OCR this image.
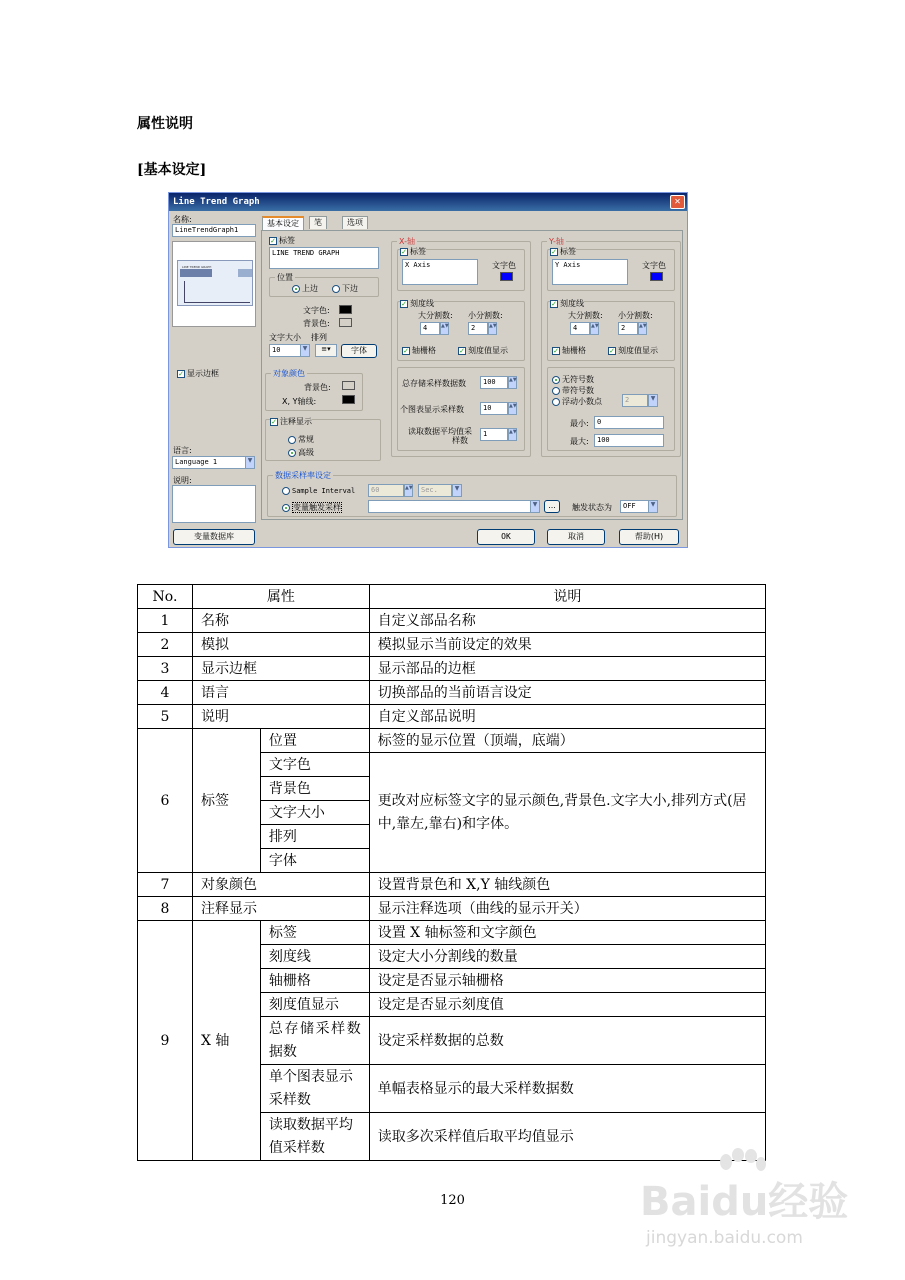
属性说明
[基本设定]
Line Trend Graph	✕
名称:
LineTrendGraph1
LINE TREND GRAPH
✓ 显示边框
语言:
Language 1	▼
说明:
变量数据库
基本设定	笔	选项
✓ 标签
LINE TREND GRAPH
位置
上边	下边
文字色:
背景色:
文字大小 排列
10	▼	≡▾	字体
对象颜色
背景色:
X, Y轴线:
✓ 注释显示
常规
高级
X-轴
✓ 标签
X Axis	文字色
✓ 刻度线
大分割数: 小分割数:
4	▲▼	2	▲▼
✓ 轴栅格	✓ 刻度值显示
总存储采样数据数	100	▲▼
个图表显示采样数	10	▲▼
读取数据平均值采
样数
1	▲▼
Y-轴
✓ 标签
Y Axis	文字色
✓ 刻度线
大分割数: 小分割数:
4	▲▼	2	▲▼
✓ 轴栅格	✓ 刻度值显示
无符号数
带符号数
浮动小数点	2	▼
最小:	0
最大:	100
数据采样率设定
Sample Interval	60	▲▼	Sec.	▼
变量触发采样	▼	...	触发状态为	OFF	▼
OK	取消	帮助(H)
No.	属性		说明
1	名称		自定义部品名称
2	模拟		模拟显示当前设定的效果
3	显示边框		显示部品的边框
4	语言		切换部品的当前语言设定
5	说明		自定义部品说明
6	标签	位置	标签的显示位置（顶端，底端）
		文字色	更改对应标签文字的显示颜色,背景色.文字大小,排列方式(居中,靠左,靠右)和字体。
		背景色	
		文字大小	
		排列	
		字体	
7	对象颜色		设置背景色和 X,Y 轴线颜色
8	注释显示		显示注释选项（曲线的显示开关）
9	X 轴	标签	设置 X 轴标签和文字颜色
		刻度线	设定大小分割线的数量
		轴栅格	设定是否显示轴栅格
		刻度值显示	设定是否显示刻度值
		总存储采样数据数	设定采样数据的总数
		单个图表显示采样数	单幅表格显示的最大采样数据数
		读取数据平均值采样数	读取多次采样值后取平均值显示
120	Baidu经验
jingyan.baidu.com
